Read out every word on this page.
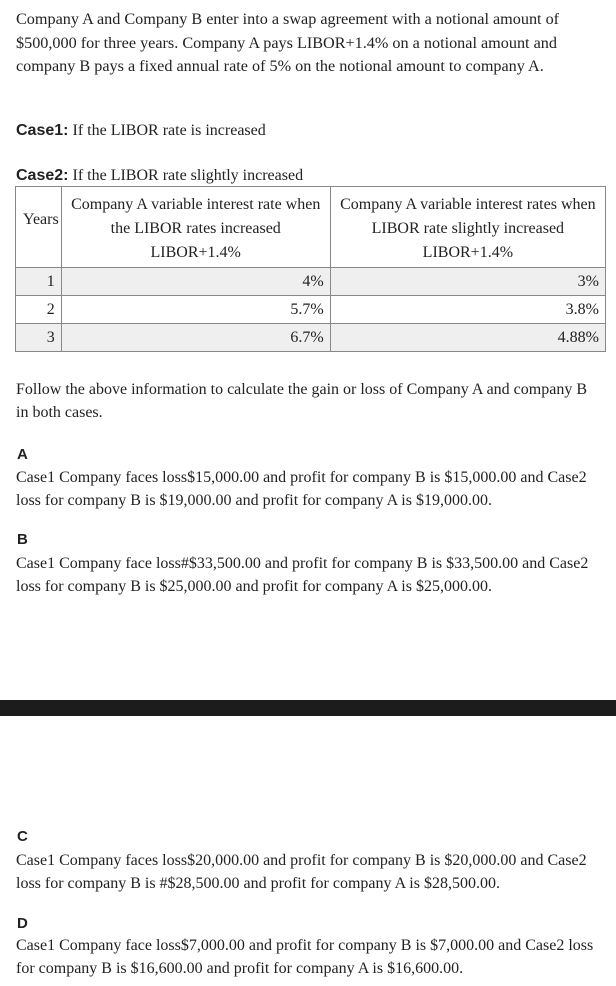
Company A and Company B enter into a swap agreement with a notional amount of $500,000 for three years. Company A pays LIBOR+1.4% on a notional amount and company B pays a fixed annual rate of 5% on the notional amount to company A.
Case1: If the LIBOR rate is increased
Case2: If the LIBOR rate slightly increased
Years	Company A variable interest rate when the LIBOR rates increased LIBOR+1.4%	Company A variable interest rates when LIBOR rate slightly increased LIBOR+1.4%
1	4%	3%
2	5.7%	3.8%
3	6.7%	4.88%
Follow the above information to calculate the gain or loss of Company A and company B in both cases.
A
Case1 Company faces loss$15,000.00 and profit for company B is $15,000.00 and Case2 loss for company B is $19,000.00 and profit for company A is $19,000.00.
B
Case1 Company face loss#$33,500.00 and profit for company B is $33,500.00 and Case2 loss for company B is $25,000.00 and profit for company A is $25,000.00.
C
Case1 Company faces loss$20,000.00 and profit for company B is $20,000.00 and Case2 loss for company B is #$28,500.00 and profit for company A is $28,500.00.
D
Case1 Company face loss$7,000.00 and profit for company B is $7,000.00 and Case2 loss for company B is $16,600.00 and profit for company A is $16,600.00.
